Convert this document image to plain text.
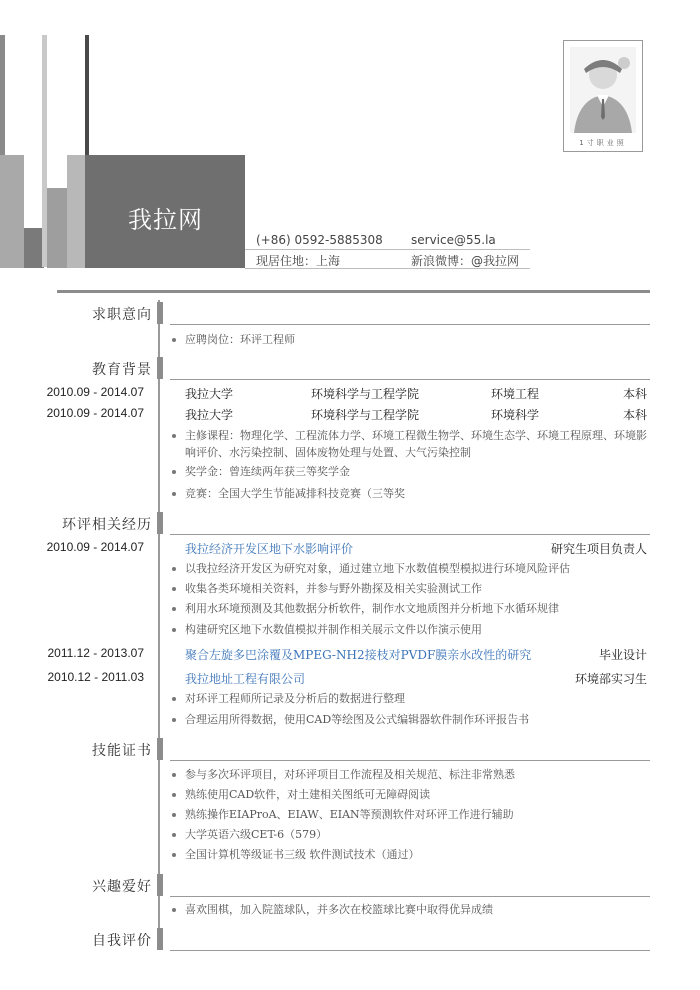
我拉网
(+86) 0592-5885308 service@55.la
现居住地：上海	新浪微博：@我拉网
1寸职业照
求职意向
应聘岗位：环评工程师
教育背景
2010.09 - 2014.07	我拉大学	环境科学与工程学院	环境工程	本科
2010.09 - 2014.07	我拉大学	环境科学与工程学院	环境科学	本科
主修课程：物理化学、工程流体力学、环境工程微生物学、环境生态学、环境工程原理、环境影响评价、水污染控制、固体废物处理与处置、大气污染控制
奖学金：曾连续两年获三等奖学金
竞赛：全国大学生节能减排科技竞赛（三等奖
环评相关经历
2010.09 - 2014.07	我拉经济开发区地下水影响评价	研究生项目负责人
以我拉经济开发区为研究对象，通过建立地下水数值模型模拟进行环境风险评估
收集各类环境相关资料，并参与野外勘探及相关实验测试工作
利用水环境预测及其他数据分析软件，制作水文地质图并分析地下水循环规律
构建研究区地下水数值模拟并制作相关展示文件以作演示使用
2011.12 - 2013.07	聚合左旋多巴涂覆及MPEG-NH2接枝对PVDF膜亲水改性的研究	毕业设计
2010.12 - 2011.03	我拉地址工程有限公司	环境部实习生
对环评工程师所记录及分析后的数据进行整理
合理运用所得数据，使用CAD等绘图及公式编辑器软件制作环评报告书
技能证书
参与多次环评项目，对环评项目工作流程及相关规范、标注非常熟悉
熟练使用CAD软件，对土建相关图纸可无障碍阅读
熟练操作EIAProA、EIAW、EIAN等预测软件对环评工作进行辅助
大学英语六级CET-6（579）
全国计算机等级证书三级 软件测试技术（通过）
兴趣爱好
喜欢围棋，加入院篮球队，并多次在校篮球比赛中取得优异成绩
自我评价
